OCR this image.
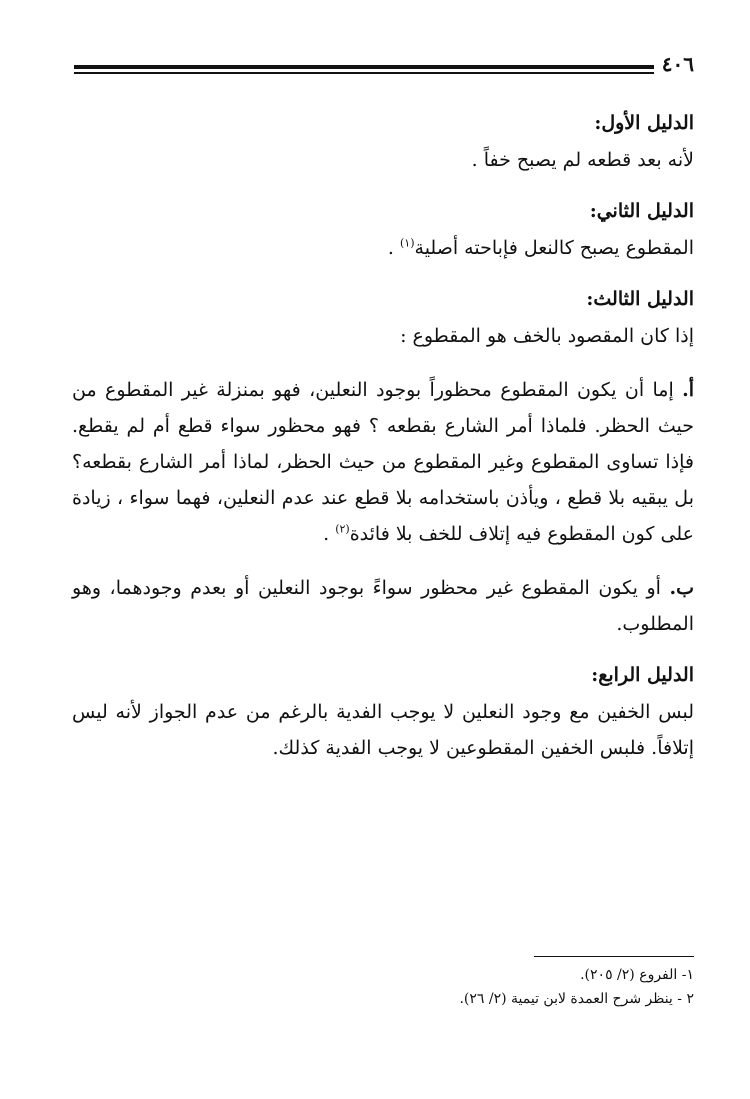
٤٠٦

الدليل الأول:

لأنه بعد قطعه لم يصبح خفاً .

الدليل الثاني:

المقطوع يصبح كالنعل فإباحته أصلية$^{(١)}$ .

الدليل الثالث:

إذا كان المقصود بالخف هو المقطوع :

أ. إما أن يكون المقطوع محظوراً بوجود النعلين، فهو بمنزلة غير المقطوع من حيث الحظر. فلماذا أمر الشارع بقطعه ؟ فهو محظور سواء قطع أم لم يقطع. فإذا تساوى المقطوع وغير المقطوع من حيث الحظر، لماذا أمر الشارع بقطعه؟ بل يبقيه بلا قطع ، ويأذن باستخدامه بلا قطع عند عدم النعلين، فهما سواء ، زيادة على كون المقطوع فيه إتلاف للخف بلا فائدة$^{(٢)}$ .

ب. أو يكون المقطوع غير محظور سواءً بوجود النعلين أو بعدم وجودهما، وهو المطلوب.

الدليل الرابع:

لبس الخفين مع وجود النعلين لا يوجب الفدية بالرغم من عدم الجواز لأنه ليس إتلافاً. فلبس الخفين المقطوعين لا يوجب الفدية كذلك.

١- الفروع (٢/ ٢٠٥).

٢ - ينظر شرح العمدة لابن تيمية (٢/ ٢٦).
